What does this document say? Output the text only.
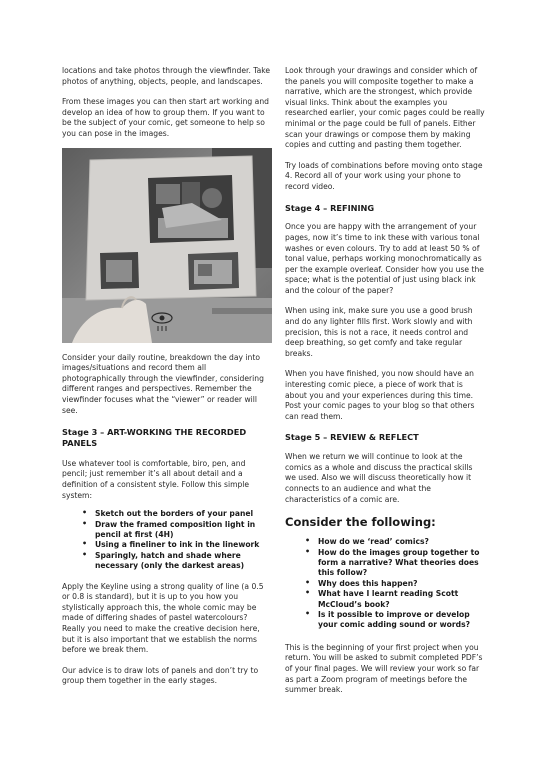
locations and take photos through the viewfinder. Take photos of anything, objects, people, and landscapes.

From these images you can then start art working and develop an idea of how to group them. If you want to be the subject of your comic, get someone to help so you can pose in the images.

Consider your daily routine, breakdown the day into images/situations and record them all photographically through the viewfinder, considering different ranges and perspectives. Remember the viewfinder focuses what the “viewer” or reader will see.

Stage 3 – ART-WORKING THE RECORDED PANELS

Use whatever tool is comfortable, biro, pen, and pencil; just remember it’s all about detail and a definition of a consistent style. Follow this simple system:

• Sketch out the borders of your panel
• Draw the framed composition light in pencil at first (4H)
• Using a fineliner to ink in the linework
• Sparingly, hatch and shade where necessary (only the darkest areas)

Apply the Keyline using a strong quality of line (a 0.5 or 0.8 is standard), but it is up to you how you stylistically approach this, the whole comic may be made of differing shades of pastel watercolours? Really you need to make the creative decision here, but it is also important that we establish the norms before we break them.

Our advice is to draw lots of panels and don’t try to group them together in the early stages.

Look through your drawings and consider which of the panels you will composite together to make a narrative, which are the strongest, which provide visual links. Think about the examples you researched earlier, your comic pages could be really minimal or the page could be full of panels. Either scan your drawings or compose them by making copies and cutting and pasting them together.

Try loads of combinations before moving onto stage 4. Record all of your work using your phone to record video.

Stage 4 – REFINING

Once you are happy with the arrangement of your pages, now it’s time to ink these with various tonal washes or even colours. Try to add at least 50 % of tonal value, perhaps working monochromatically as per the example overleaf. Consider how you use the space; what is the potential of just using black ink and the colour of the paper?

When using ink, make sure you use a good brush and do any lighter fills first. Work slowly and with precision, this is not a race, it needs control and deep breathing, so get comfy and take regular breaks.

When you have finished, you now should have an interesting comic piece, a piece of work that is about you and your experiences during this time. Post your comic pages to your blog so that others can read them.

Stage 5 – REVIEW & REFLECT

When we return we will continue to look at the comics as a whole and discuss the practical skills we used. Also we will discuss theoretically how it connects to an audience and what the characteristics of a comic are.

Consider the following:
• How do we ‘read’ comics?
• How do the images group together to form a narrative? What theories does this follow?
• Why does this happen?
• What have I learnt reading Scott McCloud’s book?
• Is it possible to improve or develop your comic adding sound or words?

This is the beginning of your first project when you return. You will be asked to submit completed PDF’s of your final pages. We will review your work so far as part a Zoom program of meetings before the summer break.
